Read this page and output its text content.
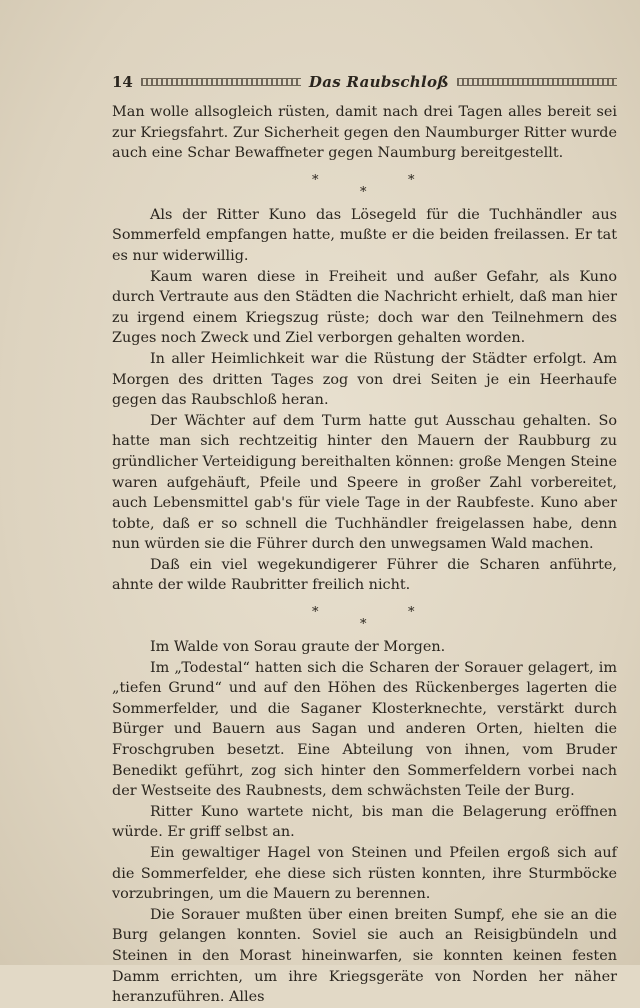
14	Das Raubschloß

Man wolle allsogleich rüsten, damit nach drei Tagen alles bereit sei zur Kriegsfahrt. Zur Sicherheit gegen den Naumburger Ritter wurde auch eine Schar Bewaffneter gegen Naumburg bereitgestellt.

*	*
*

Als der Ritter Kuno das Lösegeld für die Tuchhändler aus Sommerfeld empfangen hatte, mußte er die beiden freilassen. Er tat es nur widerwillig.

Kaum waren diese in Freiheit und außer Gefahr, als Kuno durch Vertraute aus den Städten die Nachricht erhielt, daß man hier zu irgend einem Kriegszug rüste; doch war den Teilnehmern des Zuges noch Zweck und Ziel verborgen gehalten worden.

In aller Heimlichkeit war die Rüstung der Städter erfolgt. Am Morgen des dritten Tages zog von drei Seiten je ein Heerhaufe gegen das Raubschloß heran.

Der Wächter auf dem Turm hatte gut Ausschau gehalten. So hatte man sich rechtzeitig hinter den Mauern der Raubburg zu gründlicher Verteidigung bereithalten können: große Mengen Steine waren aufgehäuft, Pfeile und Speere in großer Zahl vorbereitet, auch Lebensmittel gab's für viele Tage in der Raubfeste. Kuno aber tobte, daß er so schnell die Tuchhändler freigelassen habe, denn nun würden sie die Führer durch den unwegsamen Wald machen.

Daß ein viel wegekundigerer Führer die Scharen anführte, ahnte der wilde Raubritter freilich nicht.

*	*
*

Im Walde von Sorau graute der Morgen.

Im „Todestal“ hatten sich die Scharen der Sorauer gelagert, im „tiefen Grund“ und auf den Höhen des Rückenberges lagerten die Sommerfelder, und die Saganer Klosterknechte, verstärkt durch Bürger und Bauern aus Sagan und anderen Orten, hielten die Froschgruben besetzt. Eine Abteilung von ihnen, vom Bruder Benedikt geführt, zog sich hinter den Sommerfeldern vorbei nach der Westseite des Raubnests, dem schwächsten Teile der Burg.

Ritter Kuno wartete nicht, bis man die Belagerung eröffnen würde. Er griff selbst an.

Ein gewaltiger Hagel von Steinen und Pfeilen ergoß sich auf die Sommerfelder, ehe diese sich rüsten konnten, ihre Sturmböcke vorzubringen, um die Mauern zu berennen.

Die Sorauer mußten über einen breiten Sumpf, ehe sie an die Burg gelangen konnten. Soviel sie auch an Reisigbündeln und Steinen in den Morast hineinwarfen, sie konnten keinen festen Damm errichten, um ihre Kriegsgeräte von Norden her näher heranzuführen. Alles
